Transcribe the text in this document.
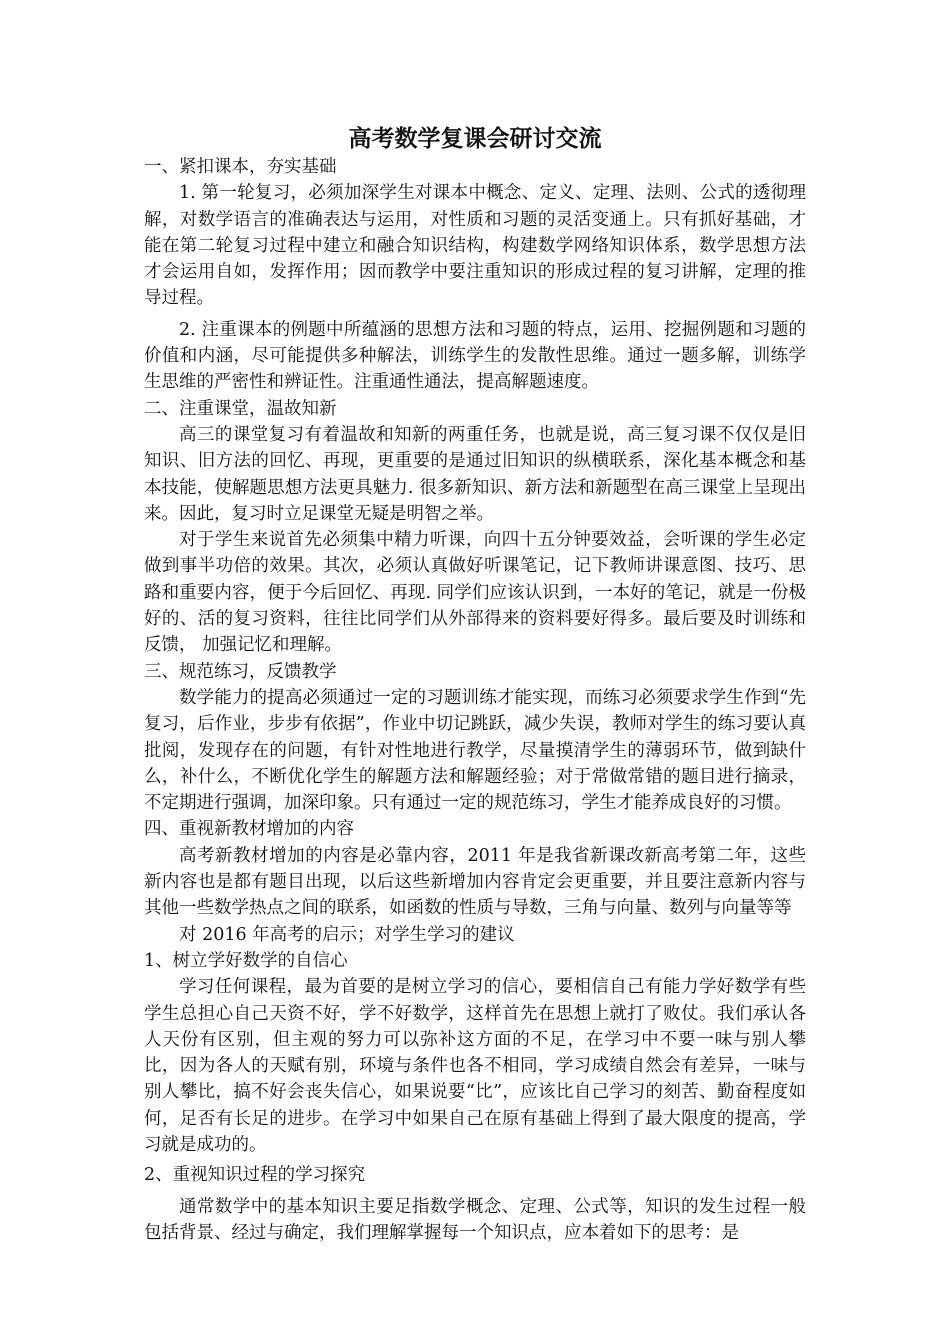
高考数学复课会研讨交流

一、紧扣课本，夯实基础

1. 第一轮复习，必须加深学生对课本中概念、定义、定理、法则、公式的透彻理解，对数学语言的准确表达与运用，对性质和习题的灵活变通上。只有抓好基础，才能在第二轮复习过程中建立和融合知识结构，构建数学网络知识体系，数学思想方法才会运用自如，发挥作用；因而教学中要注重知识的形成过程的复习讲解，定理的推导过程。

2. 注重课本的例题中所蕴涵的思想方法和习题的特点，运用、挖掘例题和习题的价值和内涵，尽可能提供多种解法，训练学生的发散性思维。通过一题多解，训练学生思维的严密性和辨证性。注重通性通法，提高解题速度。

二、注重课堂，温故知新

高三的课堂复习有着温故和知新的两重任务，也就是说，高三复习课不仅仅是旧知识、旧方法的回忆、再现，更重要的是通过旧知识的纵横联系，深化基本概念和基本技能，使解题思想方法更具魅力. 很多新知识、新方法和新题型在高三课堂上呈现出来。因此，复习时立足课堂无疑是明智之举。

对于学生来说首先必须集中精力听课，向四十五分钟要效益，会听课的学生必定做到事半功倍的效果。其次，必须认真做好听课笔记，记下教师讲课意图、技巧、思路和重要内容，便于今后回忆、再现. 同学们应该认识到，一本好的笔记，就是一份极好的、活的复习资料，往往比同学们从外部得来的资料要好得多。最后要及时训练和反馈， 加强记忆和理解。

三、规范练习，反馈教学

数学能力的提高必须通过一定的习题训练才能实现，而练习必须要求学生作到“先复习，后作业，步步有依据”，作业中切记跳跃，减少失误，教师对学生的练习要认真批阅，发现存在的问题，有针对性地进行教学，尽量摸清学生的薄弱环节，做到缺什么，补什么，不断优化学生的解题方法和解题经验；对于常做常错的题目进行摘录，不定期进行强调，加深印象。只有通过一定的规范练习，学生才能养成良好的习惯。

四、重视新教材增加的内容

高考新教材增加的内容是必靠内容，2011 年是我省新课改新高考第二年，这些新内容也是都有题目出现，以后这些新增加内容肯定会更重要，并且要注意新内容与其他一些数学热点之间的联系，如函数的性质与导数，三角与向量、数列与向量等等

对 2016 年高考的启示；对学生学习的建议

1、树立学好数学的自信心

学习任何课程，最为首要的是树立学习的信心，要相信自己有能力学好数学有些学生总担心自己天资不好，学不好数学，这样首先在思想上就打了败仗。我们承认各人天份有区别，但主观的努力可以弥补这方面的不足，在学习中不要一味与别人攀比，因为各人的天赋有别，环境与条件也各不相同，学习成绩自然会有差异，一味与别人攀比，搞不好会丧失信心，如果说要“比”，应该比自己学习的刻苦、勤奋程度如何，足否有长足的进步。在学习中如果自己在原有基础上得到了最大限度的提高，学习就是成功的。

2、重视知识过程的学习探究

通常数学中的基本知识主要足指数学概念、定理、公式等，知识的发生过程一般包括背景、经过与确定，我们理解掌握每一个知识点，应本着如下的思考：是
